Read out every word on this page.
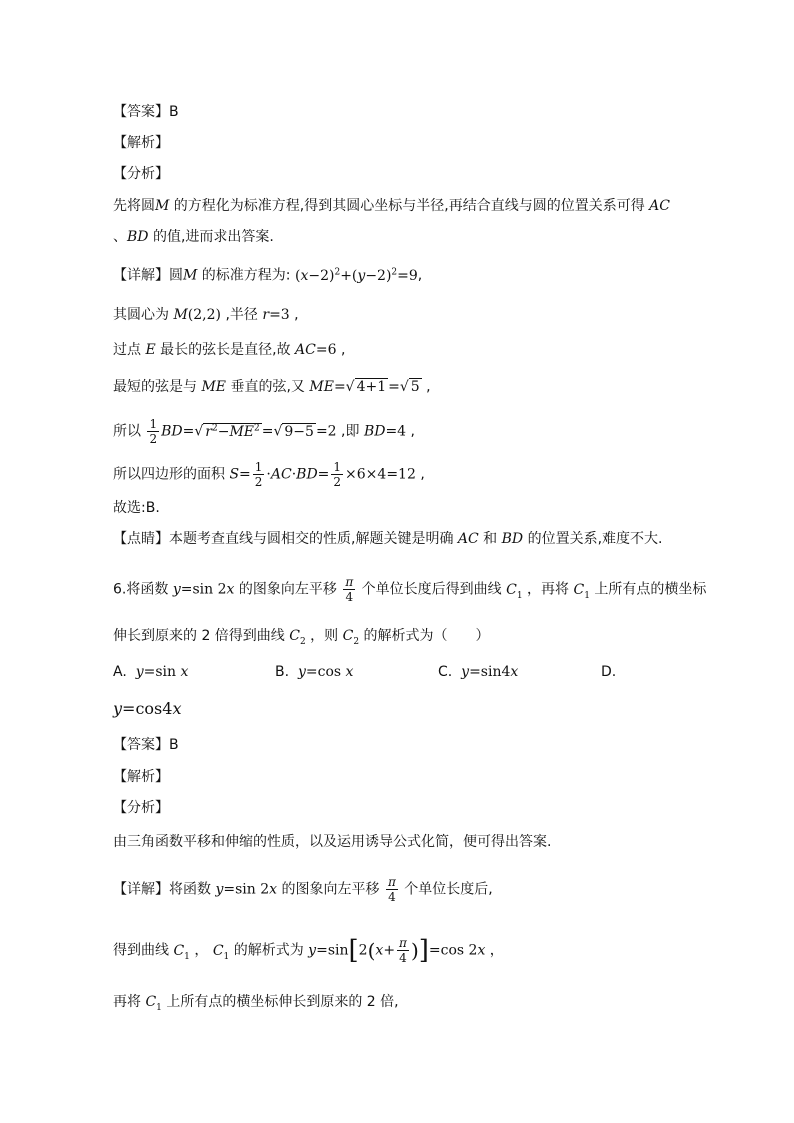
【答案】B
【解析】
【分析】
先将圆M 的方程化为标准方程,得到其圆心坐标与半径,再结合直线与圆的位置关系可得 AC
、BD 的值,进而求出答案.
【详解】圆M 的标准方程为: $(x-2)^2+(y-2)^2=9$,
其圆心为 M(2,2) ,半径 r=3 ,
过点 E 最长的弦长是直径,故 AC=6 ,
最短的弦是与 ME 垂直的弦,又 ME=√ 4+1 =√ 5 ,
所以 $\frac{1}{2} BD=√$ $r^2-ME^2$ =√ 9−5 =2 ,即 BD=4 ,
所以四边形的面积 $S= \frac{1}{2} \cdot AC\cdot BD= \frac{1}{2} \times 6\times 4=12$ ,
故选:B.
【点睛】本题考查直线与圆相交的性质,解题关键是明确 AC 和 BD 的位置关系,难度不大.
6.将函数 y=sin 2x 的图象向左平移 $\frac{\pi}{4}$ 个单位长度后得到曲线 $C_1$ ，再将 $C_1$ 上所有点的横坐标
伸长到原来的 2 倍得到曲线 $C_2$ ，则 $C_2$ 的解析式为（　　）
A. y=sin x	B. y=cos x	C. y=sin4x	D.
y=cos4x
【答案】B
【解析】
【分析】
由三角函数平移和伸缩的性质，以及运用诱导公式化简，便可得出答案.
【详解】将函数 y=sin 2x 的图象向左平移 $\frac{\pi}{4}$ 个单位长度后,
得到曲线 $C_1$ ， $C_1$ 的解析式为 $y=\sin[2(x+ \frac{\pi}{4} )]=\cos$ 2x ，
再将 $C_1$ 上所有点的横坐标伸长到原来的 2 倍,
